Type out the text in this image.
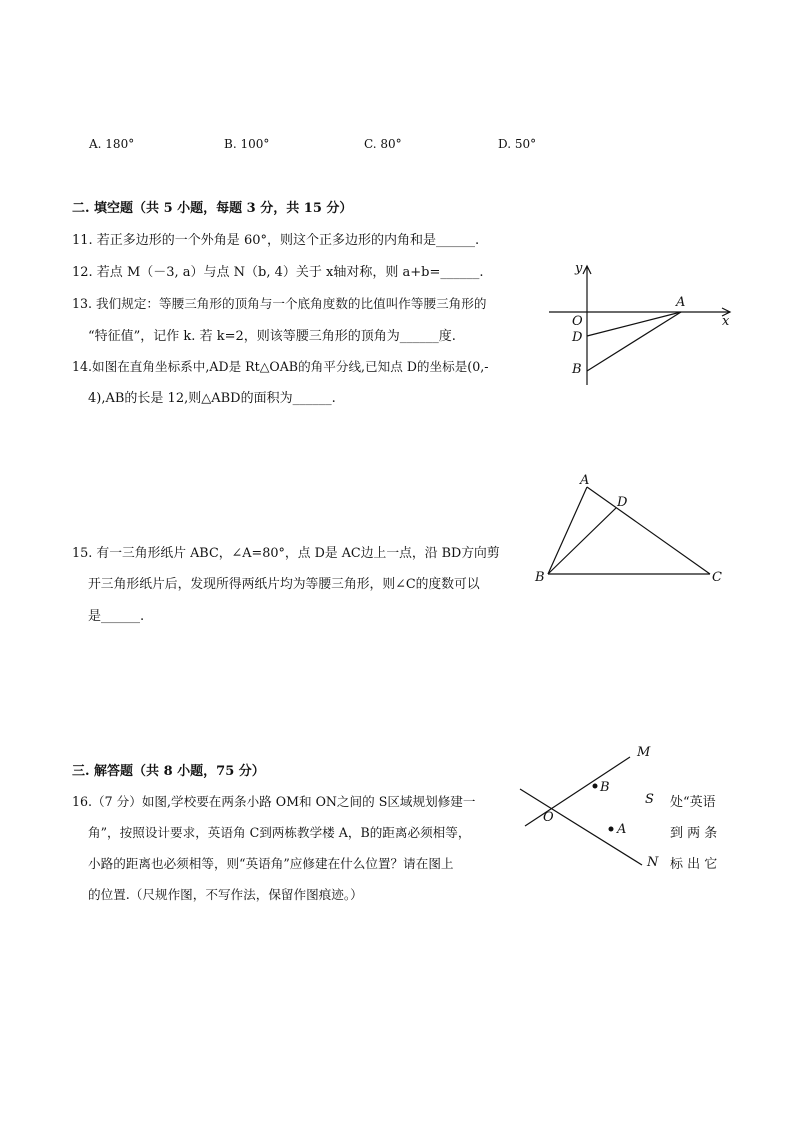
A. 180°	B. 100°	C. 80°	D. 50°
二. 填空题（共 5 小题，每题 3 分，共 15 分）
11. 若正多边形的一个外角是 60°，则这个正多边形的内角和是______.
12. 若点 M（－3, a）与点 N（b, 4）关于 x轴对称，则 a+b=______.
13. 我们规定：等腰三角形的顶角与一个底角度数的比值叫作等腰三角形的
“特征值”，记作 k. 若 k=2，则该等腰三角形的顶角为______度.
14.如图在直角坐标系中,AD是 Rt△OAB的角平分线,已知点 D的坐标是(0,-
4),AB的长是 12,则△ABD的面积为______.
15. 有一三角形纸片 ABC，∠A=80°，点 D是 AC边上一点，沿 BD方向剪
开三角形纸片后，发现所得两纸片均为等腰三角形，则∠C的度数可以
是______.
三. 解答题（共 8 小题，75 分）
16.（7 分）如图,学校要在两条小路 OM和 ON之间的 S区域规划修建一
角”，按照设计要求，英语角 C到两栋教学楼 A，B的距离必须相等，
小路的距离也必须相等，则“英语角”应修建在什么位置？请在图上
的位置.（尺规作图，不写作法，保留作图痕迹。）
处“英语
到 两 条
标 出 它
y
x
O
A
D
B
A
D
B	C
M
N
O
B
A
S
